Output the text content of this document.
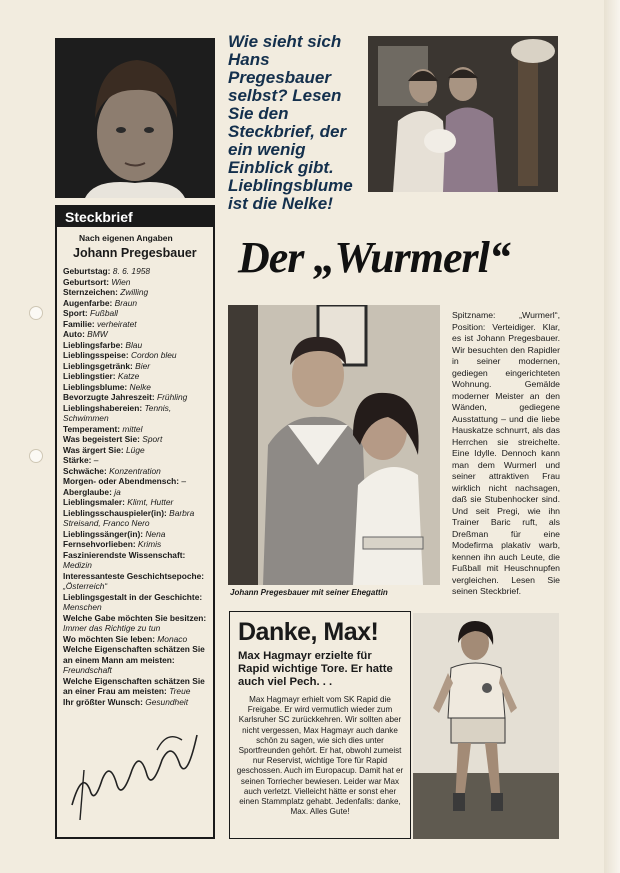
Wie sieht sich Hans Pregesbauer selbst? Lesen Sie den Steckbrief, der ein wenig Einblick gibt. Lieblingsblume ist die Nelke!
Der „Wurmerl“
Steckbrief
Nach eigenen Angaben
Johann Pregesbauer
Geburtstag: 8. 6. 1958
Geburtsort: Wien
Sternzeichen: Zwilling
Augenfarbe: Braun
Sport: Fußball
Familie: verheiratet
Auto: BMW
Lieblingsfarbe: Blau
Lieblingsspeise: Cordon bleu
Lieblingsgetränk: Bier
Lieblingstier: Katze
Lieblingsblume: Nelke
Bevorzugte Jahreszeit: Frühling
Lieblingshabereien: Tennis, Schwimmen
Temperament: mittel
Was begeistert Sie: Sport
Was ärgert Sie: Lüge
Stärke: –
Schwäche: Konzentration
Morgen- oder Abendmensch: –
Aberglaube: ja
Lieblingsmaler: Klimt, Hutter
Lieblingsschauspieler(in): Barbra Streisand, Franco Nero
Lieblingssänger(in): Nena
Fernsehvorlieben: Krimis
Faszinierendste Wissenschaft: Medizin
Interessanteste Geschichtsepoche: „Österreich“
Lieblingsgestalt in der Geschichte: Menschen
Welche Gabe möchten Sie besitzen: Immer das Richtige zu tun
Wo möchten Sie leben: Monaco
Welche Eigenschaften schätzen Sie an einem Mann am meisten: Freundschaft
Welche Eigenschaften schätzen Sie an einer Frau am meisten: Treue
Ihr größter Wunsch: Gesundheit
Johann Pregesbauer mit seiner Ehegattin
Spitzname: „Wurmerl“, Position: Verteidiger. Klar, es ist Johann Pregesbauer. Wir besuchten den Rapidler in seiner modernen, gediegen eingerichteten Wohnung. Gemälde moderner Meister an den Wänden, gediegene Ausstattung – und die liebe Hauskatze schnurrt, als das Herrchen sie streichelte. Eine Idylle. Dennoch kann man dem Wurmerl und seiner attraktiven Frau wirklich nicht nachsagen, daß sie Stubenhocker sind. Und seit Pregi, wie ihn Trainer Baric ruft, als Dreßman für eine Modefirma plakativ warb, kennen ihn auch Leute, die Fußball mit Heuschnupfen vergleichen. Lesen Sie seinen Steckbrief.
Danke, Max!
Max Hagmayr erzielte für Rapid wichtige Tore. Er hatte auch viel Pech. . .
Max Hagmayr erhielt vom SK Rapid die Freigabe. Er wird vermutlich wieder zum Karlsruher SC zurückkehren. Wir sollten aber nicht vergessen, Max Hagmayr auch danke schön zu sagen, wie sich dies unter Sportfreunden gehört. Er hat, obwohl zumeist nur Reservist, wichtige Tore für Rapid geschossen. Auch im Europacup. Damit hat er seinen Torriecher bewiesen. Leider war Max auch verletzt. Vielleicht hätte er sonst eher einen Stammplatz gehabt. Jedenfalls: danke, Max. Alles Gute!
